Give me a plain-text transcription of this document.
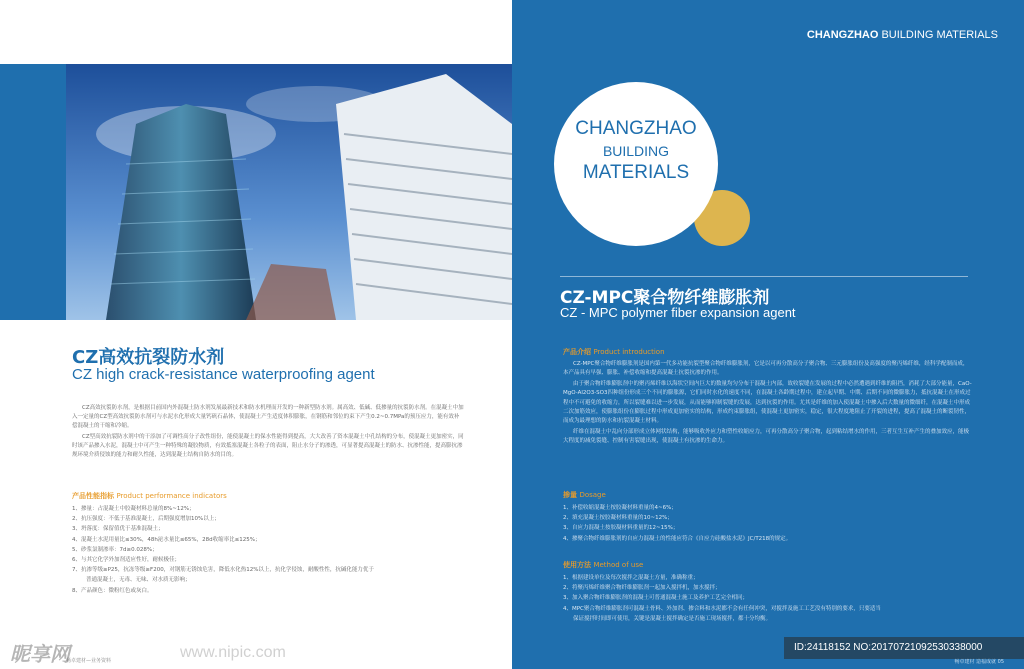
CZ高效抗裂防水剂
CZ high crack-resistance waterproofing agent

CZ高效抗裂防水剂，是根据目前国内外混凝土防水剂发展最新技术和防水机理而开发的一种新型防水剂。属高效、低碱、低掺量的抗裂防水剂。在混凝土中加入一定量的CZ型高效抗裂防水剂可与水泥水化形成大量钙矾石晶体，使混凝土产生适度体积膨胀，在钢筋和邻位的束下产生0.2~0.7MPa的预压应力，能有效补偿混凝土的干缩和冷缩。

CZ型高效抗裂防水剂中的干添加了可调性高分子改性组份，能使混凝土的保水性能得到提高，大大改善了资本混凝土中孔结构的分布，使混凝土更加密实，同时该产品掺入水泥，混凝土中可产生一种特殊的凝胶物质，有效抵塞混凝土各粒子的表面，阻止水分子的渗透，可显著提高混凝土的防水、抗渗性能，提高膨抗渗规环境介质侵蚀的能力和耐久性能，达到混凝土结构自防水的目的。

产品性能指标 Product performance indicators
1、掺量：占混凝土中胶凝材料总量的8%~12%；
2、抗压强度：不低于基准混凝土，后期强度增加10%以上；
3、坍落度：保留值优于基准混凝土；
4、混凝土水泥用量比≤30%，48h泌水量比≤65%，28d收缩率比≤125%；
5、砂浆氯制渗率：7d≥0.028%；
6、与其它化学外加剂适应性好，耐候极佳；
7、抗渗等级≥P25，抗冻等级≥F200，对钢筋无锈蚀危害，降低水化热12%以上，抗化学侵蚀，耐酸性性，抗碱化能力优于
普通混凝土，无毒、无味、对水质无影响；
8、产品颜色：微粉红色或灰白。
畅卓建材—业务资料
CHANGZHAO BUILDING MATERIALS
CHANGZHAO
BUILDING
MATERIALS
CZ-MPC聚合物纤维膨胀剂
CZ - MPC polymer fiber expansion agent
产品介绍 Product introduction

CZ-MPC聚合物纤维膨胀剂是国内第一代多功能抗裂型聚合物纤维膨胀剂，它是以可再分散高分子聚合物、三元膨胀组份及高强度的聚丙烯纤维，经科学配制而成，本产品具有早强、膨胀、补偿收缩和提高混凝土抗裂抗渗的作用。

由于聚合物纤维膨胀剂中的聚丙烯纤维以海状空间内巨大的数量均匀分布于混凝土内部，故收裂缝在发展的过程中必然遭遇到纤维的阻挡，消耗了大部分能量，CaO-MgO-Al2O3-SO3四种组份形成三个不同的膨胀源，它们同时水化的速度不同，在混凝土各龄期过程中，建立起早期、中期、后期不同的微膨胀力，抵抗混凝土在形成过程中不可避免的收缩力，所以裂缝难以进一步发展，从而能够抑制裂缝的发展，达到抗裂的作用。尤其是纤维的加入使混凝土中掺入后大数量的微细纤，在混凝土中形成二次加筋效应，使膨胀组份在膨胀过程中形成更加密实的结构，形成约束膨胀组，使混凝土更加密实，稳定，很大程度地阻止了开裂的进程，提高了混凝土的断裂韧性，而成为最理想的防水和抗裂混凝土材料。

纤维在混凝土中乱向分部形成立体网状结构，能够吸收外应力和塑性收缩应力，可再分散高分子聚合物，起到粘结增水的作用，三者互生互补产生的叠加效应，能极大程度的减免裂缝、控制有害裂缝出现，使混凝土有抗渗的生命力。

掺量 Dosage
1、补偿收缩混凝土按胶凝材料重量的4~6%；
2、填充混凝土按胶凝材料重量的10~12%；
3、自应力混凝土按胶凝材料重量的12~15%；
4、掺聚合物纤维膨胀剂的自应力混凝土的性能应符合《自应力硅酸盐水泥》JC/T218的规定。
使用方法 Method of use
1、根据建设单位及每次搅拌之混凝土方量，准确称重；
2、将聚丙烯纤维聚合物纤维膨胀剂一起加入搅拌机，加水搅拌；
3、加入聚合物纤维膨胀剂的混凝土可普通混凝土施工及养护工艺完全相同；
4、MPC聚合物纤维膨胀剂可混凝土骨料、外加剂、掺合料和水泥都不会有任何冲突，对搅拌及施工工艺没有特别的要求，只要适当
保证搅拌时间即可使用，关键是混凝土搅拌确定是否施工现场搅拌，都十分均衡。
畅卓建材 造福成就 05
昵享网	www.nipic.com	ID:24118152 NO:20170721092530338000
